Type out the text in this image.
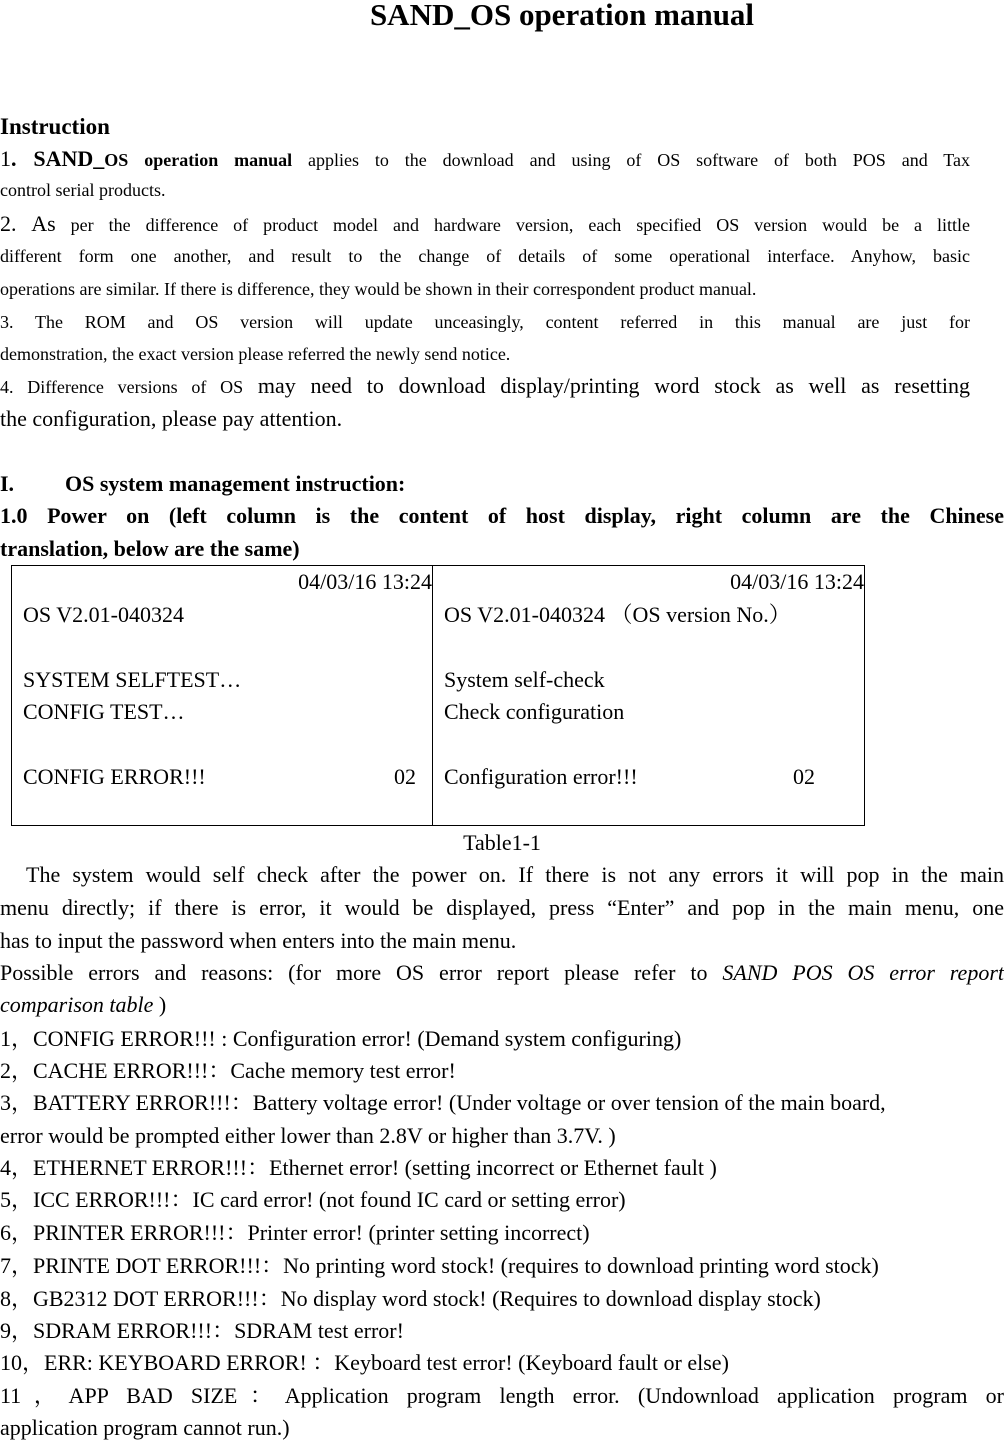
SAND_OS operation manual
Instruction
1. SAND_OS operation manual applies to the download and using of OS software of both POS and Tax
control serial products.
2. As per the difference of product model and hardware version, each specified OS version would be a little
different form one another, and result to the change of details of some operational interface. Anyhow, basic
operations are similar. If there is difference, they would be shown in their correspondent product manual.
3. The ROM and OS version will update unceasingly, content referred in this manual are just for
demonstration, the exact version please referred the newly send notice.
4. Difference versions of OS may need to download display/printing word stock as well as resetting
the configuration, please pay attention.
I. OS system management instruction:
1.0 Power on (left column is the content of host display, right column are the Chinese
translation, below are the same)
04/03/16 13:24
OS V2.01-040324
SYSTEM SELFTEST…
CONFIG TEST…
CONFIG ERROR!!!	02

04/03/16 13:24
OS V2.01-040324 （OS version No.）
System self-check
Check configuration
Configuration error!!!	02
Table1-1
The system would self check after the power on. If there is not any errors it will pop in the main
menu directly; if there is error, it would be displayed, press “Enter” and pop in the main menu, one
has to input the password when enters into the main menu.
Possible errors and reasons: (for more OS error report please refer to SAND POS OS error report
comparison table )
1，CONFIG ERROR!!! : Configuration error! (Demand system configuring)
2，CACHE ERROR!!!：Cache memory test error!
3，BATTERY ERROR!!!：Battery voltage error! (Under voltage or over tension of the main board,
error would be prompted either lower than 2.8V or higher than 3.7V. )
4，ETHERNET ERROR!!!：Ethernet error! (setting incorrect or Ethernet fault )
5，ICC ERROR!!!：IC card error! (not found IC card or setting error)
6，PRINTER ERROR!!!：Printer error! (printer setting incorrect)
7，PRINTE DOT ERROR!!!：No printing word stock! (requires to download printing word stock)
8，GB2312 DOT ERROR!!!：No display word stock! (Requires to download display stock)
9，SDRAM ERROR!!!：SDRAM test error!
10，ERR: KEYBOARD ERROR! ：Keyboard test error! (Keyboard fault or else)
11，APP BAD SIZE：Application program length error. (Undownload application program or
application program cannot run.)
